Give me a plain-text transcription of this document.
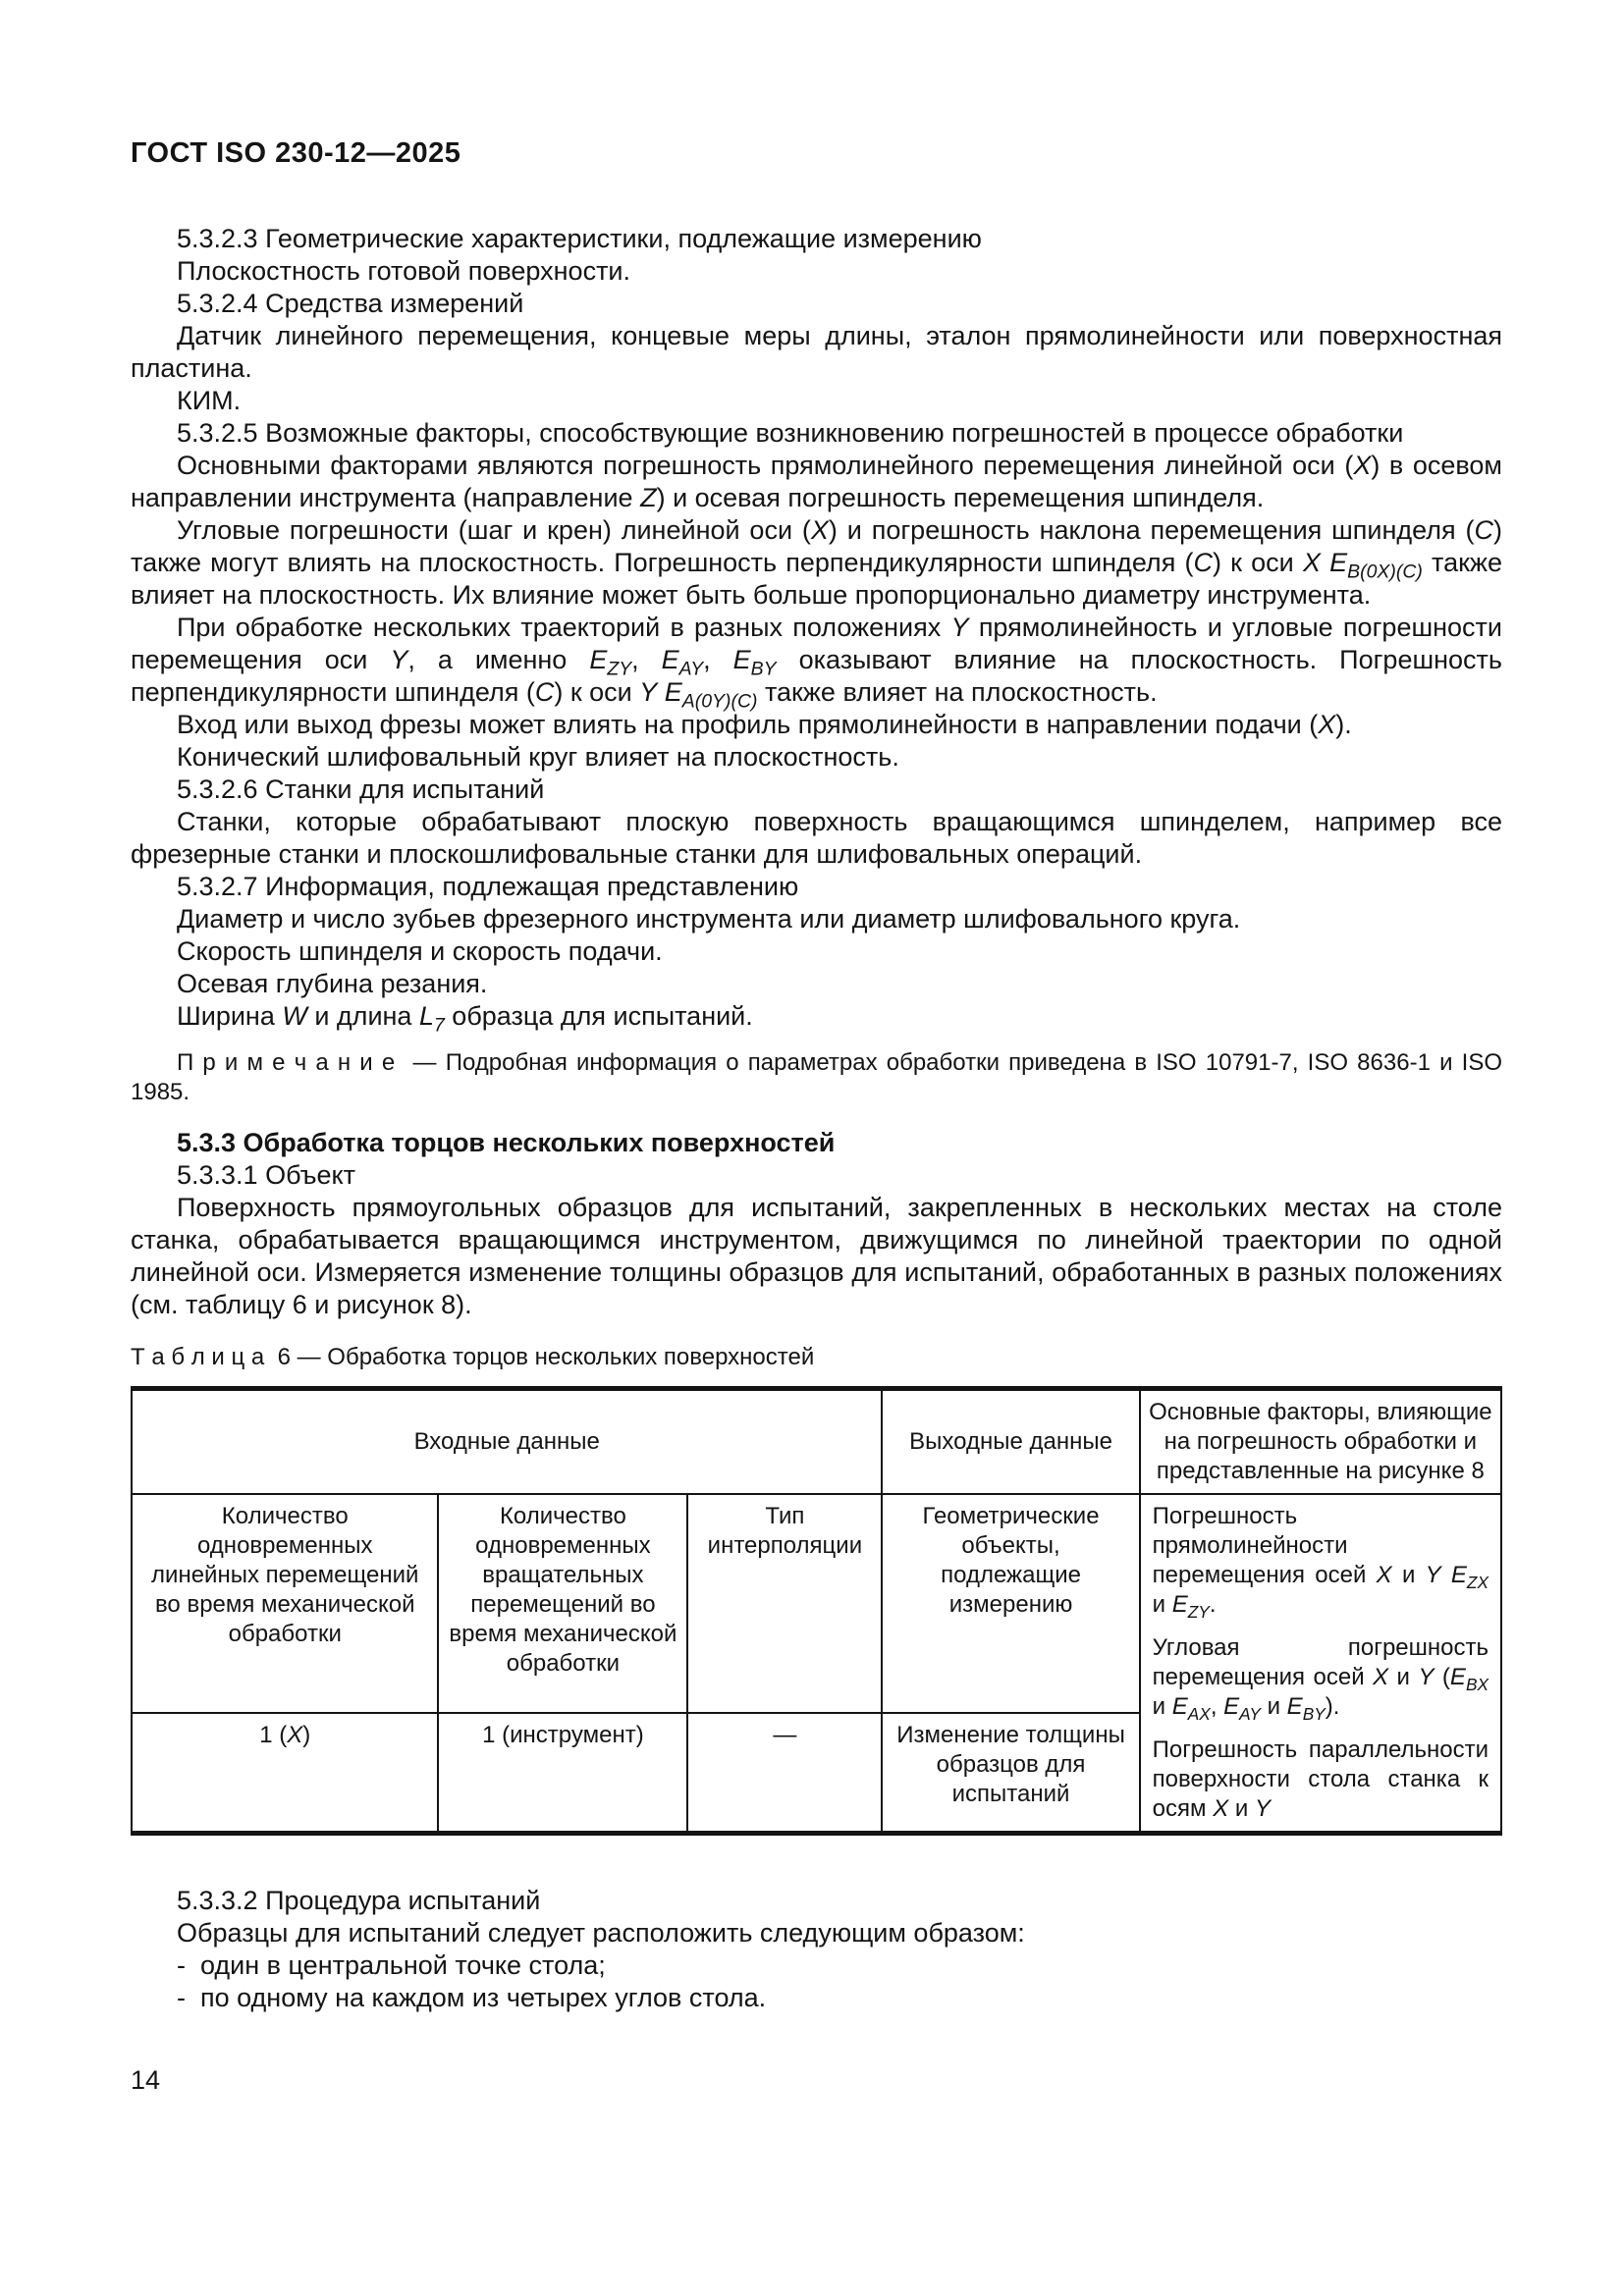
ГОСТ ISO 230-12—2025

5.3.2.3 Геометрические характеристики, подлежащие измерению

Плоскостность готовой поверхности.

5.3.2.4 Средства измерений

Датчик линейного перемещения, концевые меры длины, эталон прямолинейности или поверхностная пластина.

КИМ.

5.3.2.5 Возможные факторы, способствующие возникновению погрешностей в процессе обработки

Основными факторами являются погрешность прямолинейного перемещения линейной оси (X) в осевом направлении инструмента (направление Z) и осевая погрешность перемещения шпинделя.

Угловые погрешности (шаг и крен) линейной оси (X) и погрешность наклона перемещения шпинделя (C) также могут влиять на плоскостность. Погрешность перпендикулярности шпинделя (C) к оси X $E_{B(0X)(C)}$ также влияет на плоскостность. Их влияние может быть больше пропорционально диаметру инструмента.

При обработке нескольких траекторий в разных положениях Y прямолинейность и угловые погрешности перемещения оси Y, а именно $E_{ZY}$, $E_{AY}$, $E_{BY}$ оказывают влияние на плоскостность. Погрешность перпендикулярности шпинделя (C) к оси Y $E_{A(0Y)(C)}$ также влияет на плоскостность.

Вход или выход фрезы может влиять на профиль прямолинейности в направлении подачи (X).

Конический шлифовальный круг влияет на плоскостность.

5.3.2.6 Станки для испытаний

Станки, которые обрабатывают плоскую поверхность вращающимся шпинделем, например все фрезерные станки и плоскошлифовальные станки для шлифовальных операций.

5.3.2.7 Информация, подлежащая представлению

Диаметр и число зубьев фрезерного инструмента или диаметр шлифовального круга.

Скорость шпинделя и скорость подачи.

Осевая глубина резания.

Ширина W и длина $L_7$ образца для испытаний.

П р и м е ч а н и е  — Подробная информация о параметрах обработки приведена в ISO 10791-7, ISO 8636-1 и ISO 1985.

5.3.3 Обработка торцов нескольких поверхностей

5.3.3.1 Объект

Поверхность прямоугольных образцов для испытаний, закрепленных в нескольких местах на столе станка, обрабатывается вращающимся инструментом, движущимся по линейной траектории по одной линейной оси. Измеряется изменение толщины образцов для испытаний, обработанных в разных положениях (см. таблицу 6 и рисунок 8).

Т а б л и ц а  6 — Обработка торцов нескольких поверхностей
Входные данные			Выходные данные	Основные факторы, влияющие на погрешность обработки и представленные на рисунке 8
Количество одновременных линейных перемещений во время механической обработки	Количество одновременных вращательных перемещений во время механической обработки	Тип интерполяции	Геометрические объекты, подлежащие измерению	Погрешность прямолинейности перемещения осей X и Y $E_{ZX}$ и $E_{ZY}$.

Угловая погрешность перемещения осей X и Y ($E_{BX}$ и $E_{AX}$, $E_{AY}$ и $E_{BY}$).

Погрешность параллельности поверхности стола станка к осям X и Y

1 (X)	1 (инструмент)	—	Изменение толщины образцов для испытаний	

5.3.3.2 Процедура испытаний

Образцы для испытаний следует расположить следующим образом:

-  один в центральной точке стола;

-  по одному на каждом из четырех углов стола.

14
